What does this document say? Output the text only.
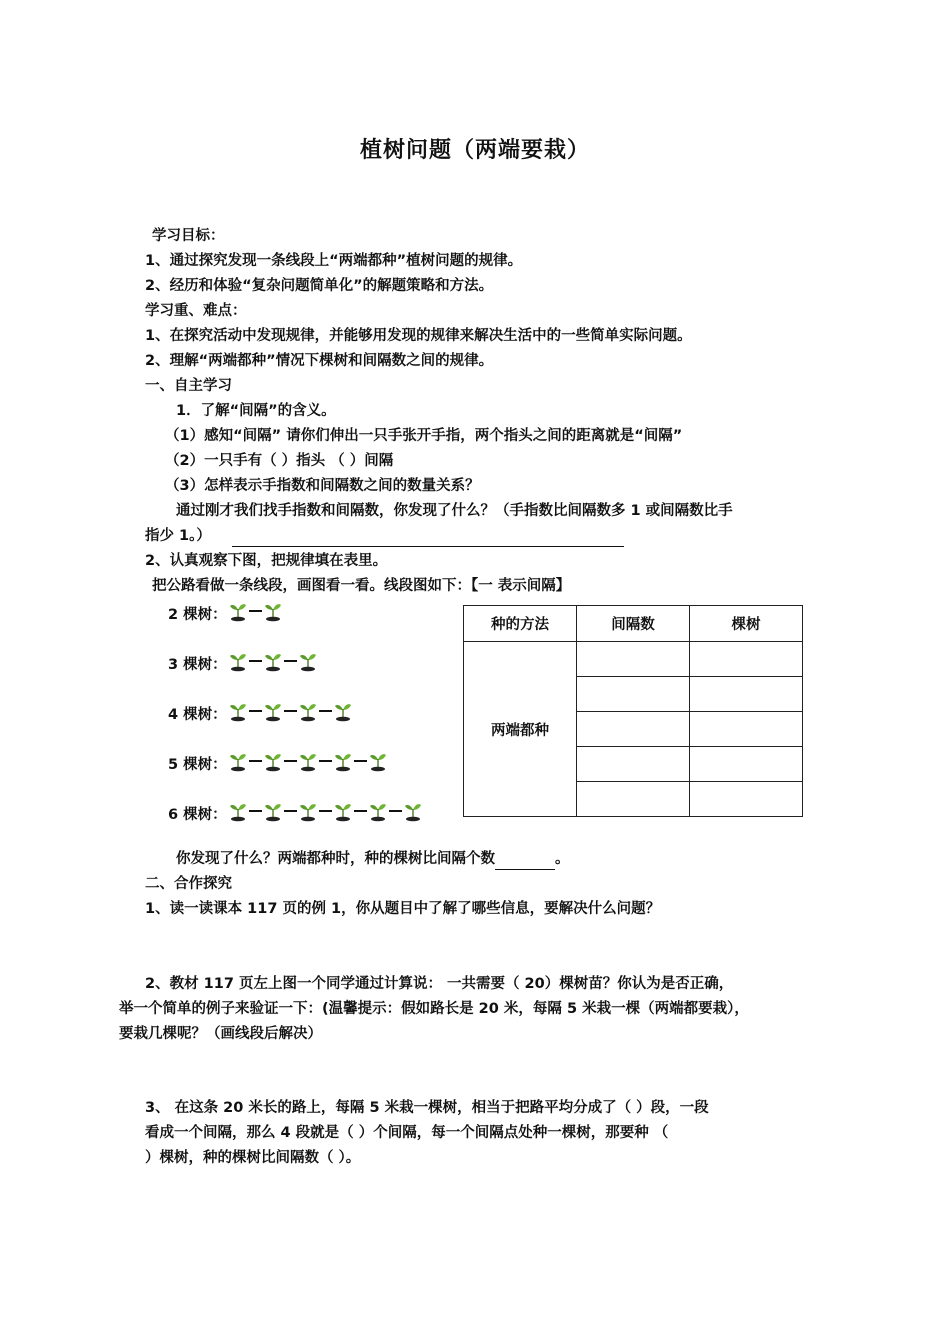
植树问题（两端要栽）
学习目标：
1、通过探究发现一条线段上“两端都种”植树问题的规律。
2、经历和体验“复杂问题简单化”的解题策略和方法。
学习重、难点：
1、在探究活动中发现规律，并能够用发现的规律来解决生活中的一些简单实际问题。
2、理解“两端都种”情况下棵树和间隔数之间的规律。
一、自主学习
1．了解“间隔”的含义。
（1）感知“间隔” 请你们伸出一只手张开手指，两个指头之间的距离就是“间隔”
（2）一只手有（ ）指头 （ ）间隔
（3）怎样表示手指数和间隔数之间的数量关系？
通过刚才我们找手指数和间隔数，你发现了什么？（手指数比间隔数多 1 或间隔数比手
指少 1。）
2、认真观察下图，把规律填在表里。
把公路看做一条线段，画图看一看。线段图如下：【一 表示间隔】
2 棵树：
3 棵树：
4 棵树：
5 棵树：
6 棵树：
种的方法	间隔数	棵树
两端都种		

你发现了什么？两端都种时，种的棵树比间隔个数	。
二、合作探究
1、读一读课本 117 页的例 1，你从题目中了解了哪些信息，要解决什么问题？
2、教材 117 页左上图一个同学通过计算说： 一共需要（ 20）棵树苗？你认为是否正确，
举一个简单的例子来验证一下：(温馨提示：假如路长是 20 米，每隔 5 米栽一棵（两端都要栽），
要栽几棵呢？（画线段后解决）
3、 在这条 20 米长的路上，每隔 5 米栽一棵树，相当于把路平均分成了（ ）段，一段
看成一个间隔，那么 4 段就是（ ）个间隔，每一个间隔点处种一棵树，那要种 （
）棵树，种的棵树比间隔数（ ）。
